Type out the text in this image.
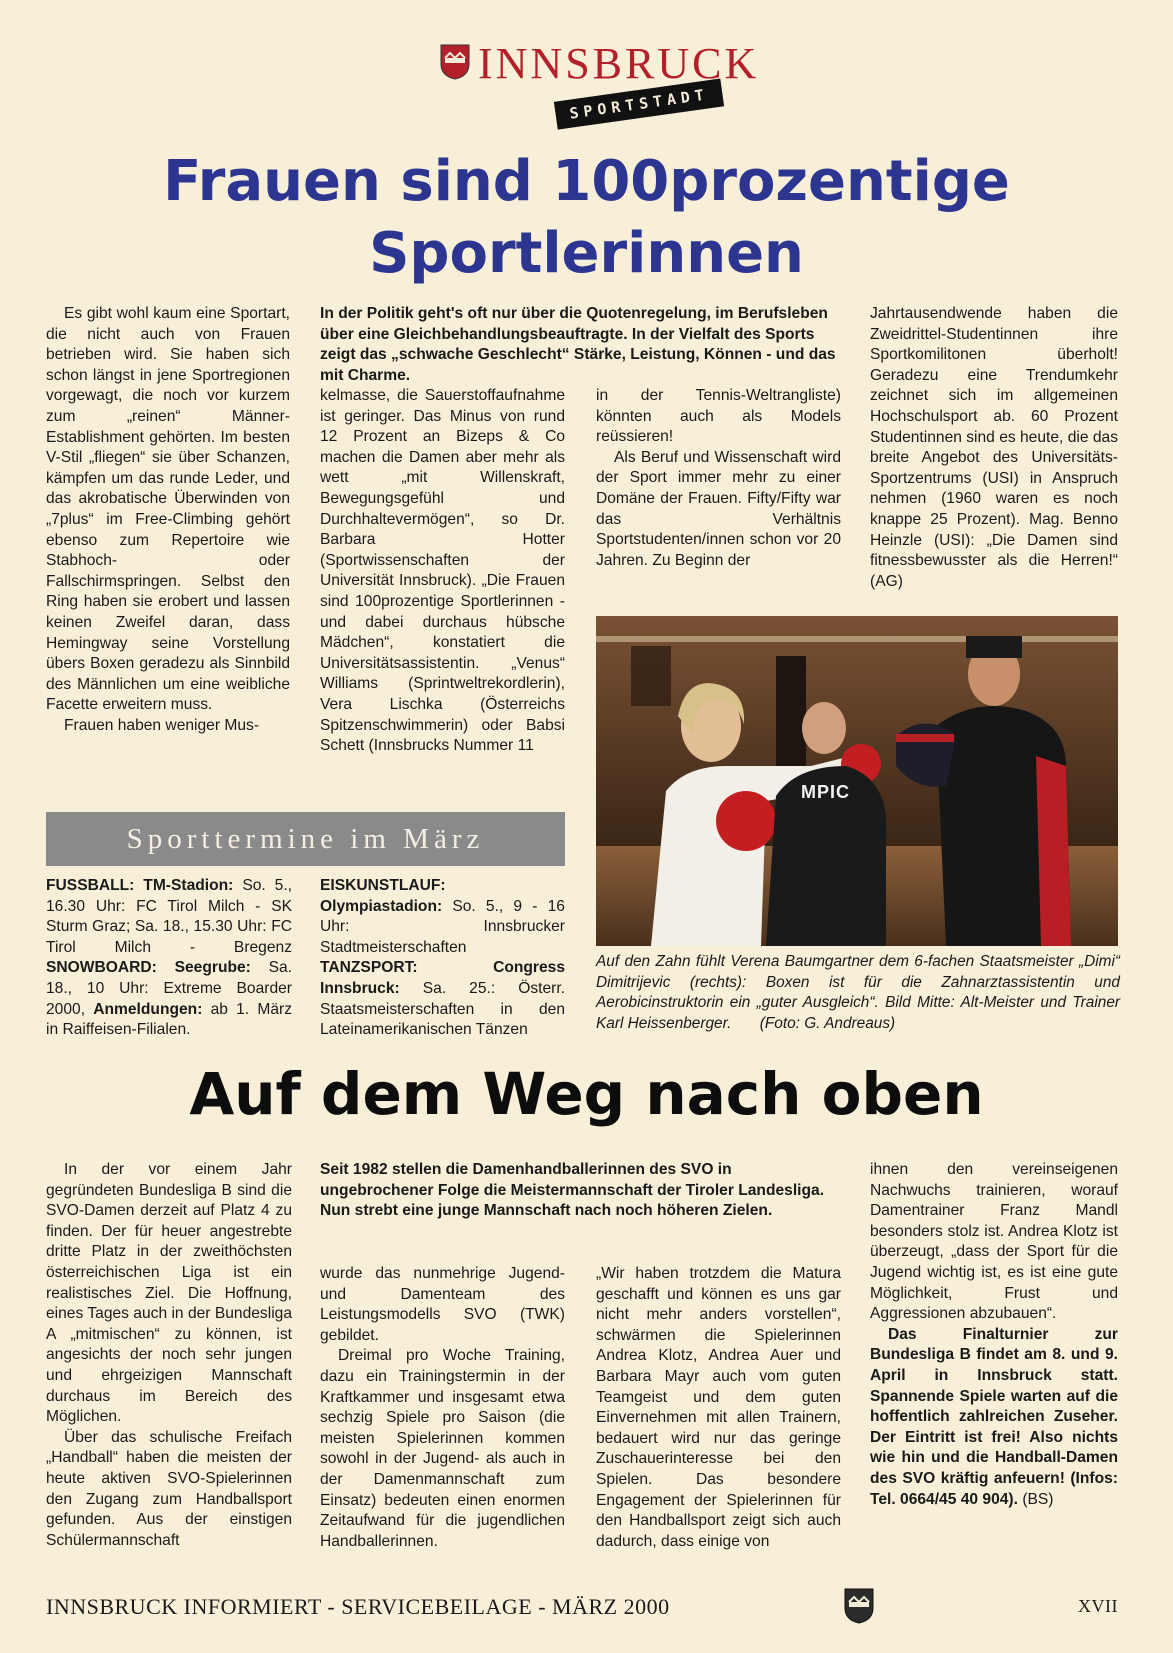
INNSBRUCK
SPORTSTADT
Frauen sind 100prozentige
Sportlerinnen

Es gibt wohl kaum eine Sportart, die nicht auch von Frauen betrieben wird. Sie haben sich schon längst in jene Sportregionen vorgewagt, die noch vor kurzem zum „reinen“ Männer-Establishment gehörten. Im besten V-Stil „fliegen“ sie über Schanzen, kämpfen um das runde Leder, und das akrobatische Überwinden von „7plus“ im Free-Climbing gehört ebenso zum Repertoire wie Stabhoch- oder Fallschirmspringen. Selbst den Ring haben sie erobert und lassen keinen Zweifel daran, dass Hemingway seine Vorstellung übers Boxen geradezu als Sinnbild des Männlichen um eine weibliche Facette erweitern muss.

Frauen haben weniger Mus-

In der Politik geht's oft nur über die Quotenregelung, im Berufsleben über eine Gleichbehandlungsbeauftragte. In der Vielfalt des Sports zeigt das „schwache Geschlecht“ Stärke, Leistung, Können - und das mit Charme.

kelmasse, die Sauerstoffaufnahme ist geringer. Das Minus von rund 12 Prozent an Bizeps & Co machen die Damen aber mehr als wett „mit Willenskraft, Bewegungsgefühl und Durchhaltevermögen“, so Dr. Barbara Hotter (Sportwissenschaften der Universität Innsbruck). „Die Frauen sind 100prozentige Sportlerinnen - und dabei durchaus hübsche Mädchen“, konstatiert die Universitätsassistentin. „Venus“ Williams (Sprintweltrekordlerin), Vera Lischka (Österreichs Spitzenschwimmerin) oder Babsi Schett (Innsbrucks Nummer 11

in der Tennis-Weltrangliste) könnten auch als Models reüssieren!

Als Beruf und Wissenschaft wird der Sport immer mehr zu einer Domäne der Frauen. Fifty/Fifty war das Verhältnis Sportstudenten/innen schon vor 20 Jahren. Zu Beginn der

Jahrtausendwende haben die Zweidrittel-Studentinnen ihre Sportkomilitonen überholt! Geradezu eine Trendumkehr zeichnet sich im allgemeinen Hochschulsport ab. 60 Prozent Studentinnen sind es heute, die das breite Angebot des Universitäts-Sportzentrums (USI) in Anspruch nehmen (1960 waren es noch knappe 25 Prozent). Mag. Benno Heinzle (USI): „Die Damen sind fitnessbewusster als die Herren!“ (AG)

MPIC
Auf den Zahn fühlt Verena Baumgartner dem 6-fachen Staatsmeister „Dimi“ Dimitrijevic (rechts): Boxen ist für die Zahnarztassistentin und Aerobicinstruktorin ein „guter Ausgleich“. Bild Mitte: Alt-Meister und Trainer Karl Heissenberger. (Foto: G. Andreaus)
Sporttermine im März

FUSSBALL: TM-Stadion: So. 5., 16.30 Uhr: FC Tirol Milch - SK Sturm Graz; Sa. 18., 15.30 Uhr: FC Tirol Milch - Bregenz SNOWBOARD: Seegrube: Sa. 18., 10 Uhr: Extreme Boarder 2000, Anmeldungen: ab 1. März in Raiffeisen-Filialen.

EISKUNSTLAUF: Olympiastadion: So. 5., 9 - 16 Uhr: Innsbrucker Stadtmeisterschaften TANZSPORT: Congress Innsbruck: Sa. 25.: Österr. Staatsmeisterschaften in den Lateinamerikanischen Tänzen

Auf dem Weg nach oben

In der vor einem Jahr gegründeten Bundesliga B sind die SVO-Damen derzeit auf Platz 4 zu finden. Der für heuer angestrebte dritte Platz in der zweithöchsten österreichischen Liga ist ein realistisches Ziel. Die Hoffnung, eines Tages auch in der Bundesliga A „mitmischen“ zu können, ist angesichts der noch sehr jungen und ehrgeizigen Mannschaft durchaus im Bereich des Möglichen.

Über das schulische Freifach „Handball“ haben die meisten der heute aktiven SVO-Spielerinnen den Zugang zum Handballsport gefunden. Aus der einstigen Schülermannschaft

Seit 1982 stellen die Damenhandballerinnen des SVO in ungebrochener Folge die Meistermannschaft der Tiroler Landesliga. Nun strebt eine junge Mannschaft nach noch höheren Zielen.

wurde das nunmehrige Jugend- und Damenteam des Leistungsmodells SVO (TWK) gebildet.

Dreimal pro Woche Training, dazu ein Trainingstermin in der Kraftkammer und insgesamt etwa sechzig Spiele pro Saison (die meisten Spielerinnen kommen sowohl in der Jugend- als auch in der Damenmannschaft zum Einsatz) bedeuten einen enormen Zeitaufwand für die jugendlichen Handballerinnen.

„Wir haben trotzdem die Matura geschafft und können es uns gar nicht mehr anders vorstellen“, schwärmen die Spielerinnen Andrea Klotz, Andrea Auer und Barbara Mayr auch vom guten Teamgeist und dem guten Einvernehmen mit allen Trainern, bedauert wird nur das geringe Zuschauerinteresse bei den Spielen. Das besondere Engagement der Spielerinnen für den Handballsport zeigt sich auch dadurch, dass einige von

ihnen den vereinseigenen Nachwuchs trainieren, worauf Damentrainer Franz Mandl besonders stolz ist. Andrea Klotz ist überzeugt, „dass der Sport für die Jugend wichtig ist, es ist eine gute Möglichkeit, Frust und Aggressionen abzubauen“.

Das Finalturnier zur Bundesliga B findet am 8. und 9. April in Innsbruck statt. Spannende Spiele warten auf die hoffentlich zahlreichen Zuseher. Der Eintritt ist frei! Also nichts wie hin und die Handball-Damen des SVO kräftig anfeuern! (Infos: Tel. 0664/45 40 904). (BS)

INNSBRUCK INFORMIERT - SERVICEBEILAGE - MÄRZ 2000	XVII
